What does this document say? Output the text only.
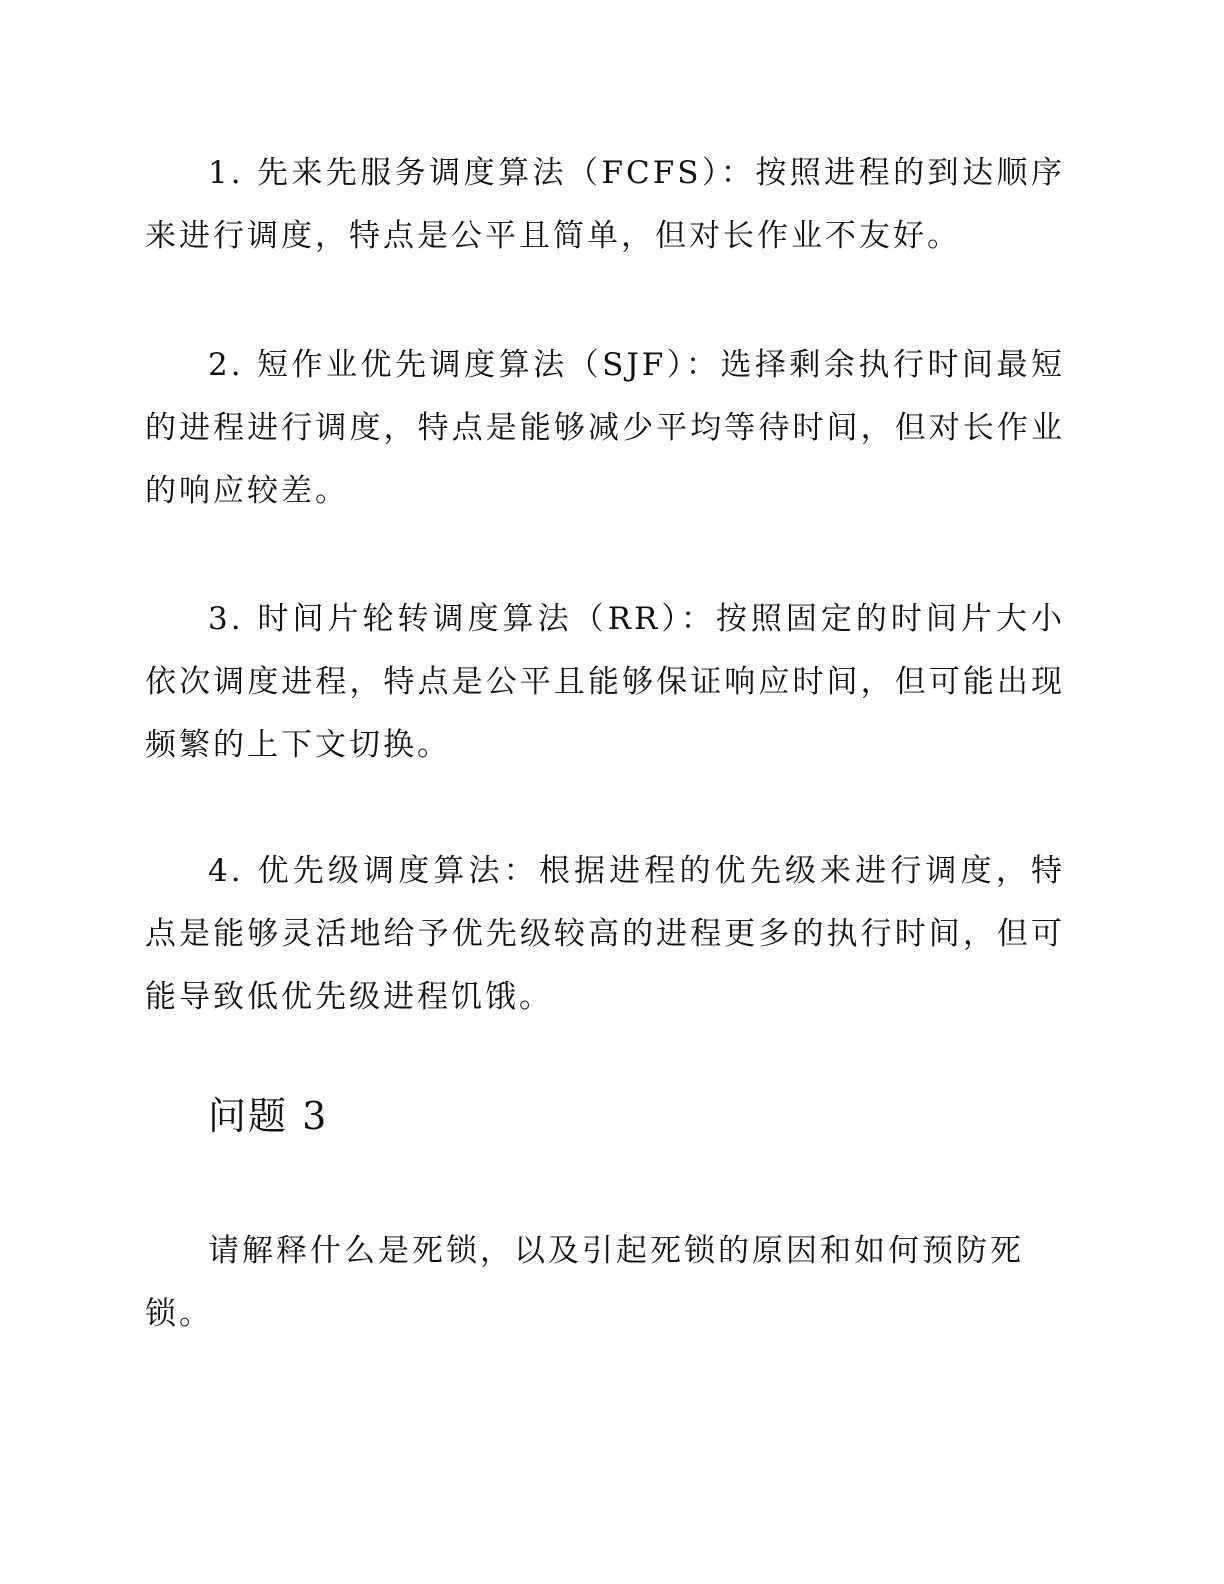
1. 先来先服务调度算法（FCFS）：按照进程的到达顺序来进行调度，特点是公平且简单，但对长作业不友好。

2. 短作业优先调度算法（SJF）：选择剩余执行时间最短的进程进行调度，特点是能够减少平均等待时间，但对长作业的响应较差。

3. 时间片轮转调度算法（RR）：按照固定的时间片大小依次调度进程，特点是公平且能够保证响应时间，但可能出现频繁的上下文切换。

4. 优先级调度算法：根据进程的优先级来进行调度，特点是能够灵活地给予优先级较高的进程更多的执行时间，但可能导致低优先级进程饥饿。

问题 3

请解释什么是死锁，以及引起死锁的原因和如何预防死锁。
